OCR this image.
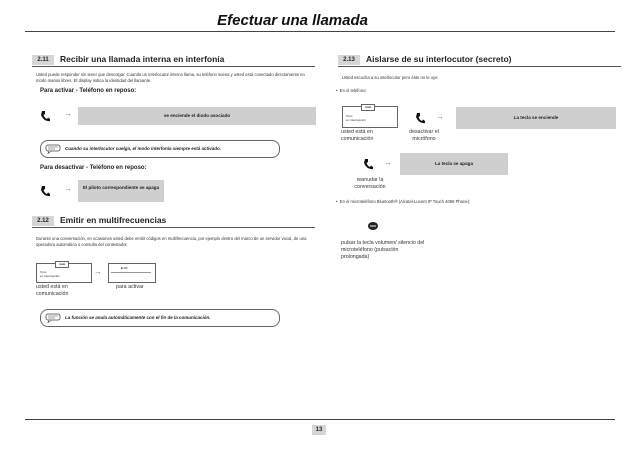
Efectuar una llamada
2.11	Recibir una llamada interna en interfonía
Usted puede responder sin tener que descolgar. Cuando un interlocutor interno llama, su teléfono suena y usted está conectado directamente en modo manos libres. El display indica la identidad del llamante.
Para activar - Teléfono en reposo:
→	se enciende el diodo asociado
Cuando su interlocutor cuelga, el modo interfonía siempre está activado.
Para desactivar - Teléfono en reposo:
→	El piloto correspondiente se apaga
2.12	Emitir en multifrecuencias
Durante una conversación, en ocasiones usted debe emitir códigos en multifrecuencia, por ejemplo dentro del marco de un servidor vocal, de una operadora automática o consulta del contestador.
nom
Xxxx
en interrupción	→	■ MF
usted está en comunicación
para activar
La función se anula automáticamente con el fin de la comunicación.
2.13	Aislarse de su interlocutor (secreto)
Usted escucha a su interlocutor pero éste no le oye:
•  En el teléfono:
nom
Xxxx
en interrupción	→	La tecla se enciende
usted está en comunicación
desactivar el micrófono
→	La tecla se apaga
reanudar la conversación
•  En el microteléfono Bluetooth® (Alcatel-Lucent IP Touch 4068 Phone):
pulsar la tecla volumen/ silencio del microteléfono (pulsación prolongada)
13
